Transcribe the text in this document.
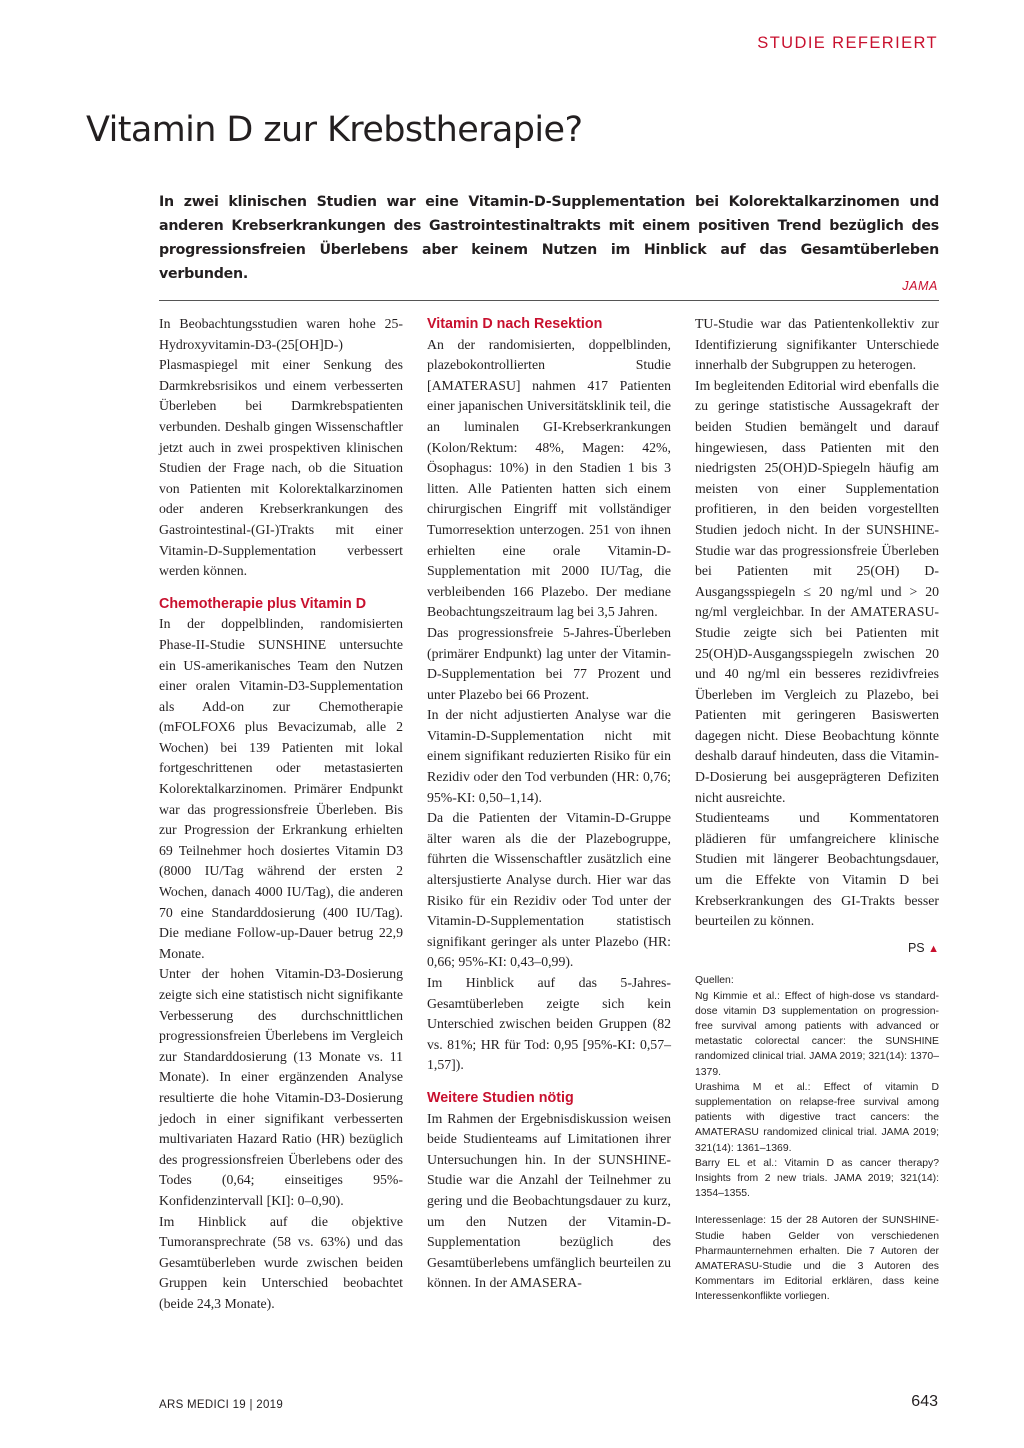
STUDIE REFERIERT
Vitamin D zur Krebstherapie?

In zwei klinischen Studien war eine Vitamin-D-Supplementation bei Kolorektalkarzinomen und anderen Krebserkrankungen des Gastrointestinaltrakts mit einem positiven Trend bezüglich des progressionsfreien Überlebens aber keinem Nutzen im Hinblick auf das Gesamtüberleben verbunden.

JAMA

In Beobachtungsstudien waren hohe 25-Hydroxyvitamin-D3-(25[OH]D-) Plasmaspiegel mit einer Senkung des Darmkrebsrisikos und einem verbesserten Überleben bei Darmkrebspatienten verbunden. Deshalb gingen Wissenschaftler jetzt auch in zwei prospektiven klinischen Studien der Frage nach, ob die Situation von Patienten mit Kolorektalkarzinomen oder anderen Krebserkrankungen des Gastrointestinal-(GI-)Trakts mit einer Vitamin-D-Supplementation verbessert werden können.

Chemotherapie plus Vitamin D

In der doppelblinden, randomisierten Phase-II-Studie SUNSHINE untersuchte ein US-amerikanisches Team den Nutzen einer oralen Vitamin-D3-Supplementation als Add-on zur Chemotherapie (mFOLFOX6 plus Bevacizumab, alle 2 Wochen) bei 139 Patienten mit lokal fortgeschrittenen oder metastasierten Kolorektalkarzinomen. Primärer Endpunkt war das progressionsfreie Überleben. Bis zur Progression der Erkrankung erhielten 69 Teilnehmer hoch dosiertes Vitamin D3 (8000 IU/Tag während der ersten 2 Wochen, danach 4000 IU/Tag), die anderen 70 eine Standarddosierung (400 IU/Tag). Die mediane Follow-up-Dauer betrug 22,9 Monate.

Unter der hohen Vitamin-D3-Dosierung zeigte sich eine statistisch nicht signifikante Verbesserung des durchschnittlichen progressionsfreien Überlebens im Vergleich zur Standarddosierung (13 Monate vs. 11 Monate). In einer ergänzenden Analyse resultierte die hohe Vitamin-D3-Dosierung jedoch in einer signifikant verbesserten multivariaten Hazard Ratio (HR) bezüglich des progressionsfreien Überlebens oder des Todes (0,64; einseitiges 95%-Konfidenzintervall [KI]: 0–0,90).

Im Hinblick auf die objektive Tumoransprechrate (58 vs. 63%) und das Gesamtüberleben wurde zwischen beiden Gruppen kein Unterschied beobachtet (beide 24,3 Monate).

Vitamin D nach Resektion

An der randomisierten, doppelblinden, plazebokontrollierten Studie [AMATERASU] nahmen 417 Patienten einer japanischen Universitätsklinik teil, die an luminalen GI-Krebserkrankungen (Kolon/Rektum: 48%, Magen: 42%, Ösophagus: 10%) in den Stadien 1 bis 3 litten. Alle Patienten hatten sich einem chirurgischen Eingriff mit vollständiger Tumorresektion unterzogen. 251 von ihnen erhielten eine orale Vitamin-D-Supplementation mit 2000 IU/Tag, die verbleibenden 166 Plazebo. Der mediane Beobachtungszeitraum lag bei 3,5 Jahren.

Das progressionsfreie 5-Jahres-Überleben (primärer Endpunkt) lag unter der Vitamin-D-Supplementation bei 77 Prozent und unter Plazebo bei 66 Prozent.

In der nicht adjustierten Analyse war die Vitamin-D-Supplementation nicht mit einem signifikant reduzierten Risiko für ein Rezidiv oder den Tod verbunden (HR: 0,76; 95%-KI: 0,50–1,14).

Da die Patienten der Vitamin-D-Gruppe älter waren als die der Plazebogruppe, führten die Wissenschaftler zusätzlich eine altersjustierte Analyse durch. Hier war das Risiko für ein Rezidiv oder Tod unter der Vitamin-D-Supplementation statistisch signifikant geringer als unter Plazebo (HR: 0,66; 95%-KI: 0,43–0,99).

Im Hinblick auf das 5-Jahres-Gesamtüberleben zeigte sich kein Unterschied zwischen beiden Gruppen (82 vs. 81%; HR für Tod: 0,95 [95%-KI: 0,57–1,57]).

Weitere Studien nötig

Im Rahmen der Ergebnisdiskussion weisen beide Studienteams auf Limitationen ihrer Untersuchungen hin. In der SUNSHINE-Studie war die Anzahl der Teilnehmer zu gering und die Beobachtungsdauer zu kurz, um den Nutzen der Vitamin-D-Supplementation bezüglich des Gesamtüberlebens umfänglich beurteilen zu können. In der AMASERA-

TU-Studie war das Patientenkollektiv zur Identifizierung signifikanter Unterschiede innerhalb der Subgruppen zu heterogen.

Im begleitenden Editorial wird ebenfalls die zu geringe statistische Aussagekraft der beiden Studien bemängelt und darauf hingewiesen, dass Patienten mit den niedrigsten 25(OH)D-Spiegeln häufig am meisten von einer Supplementation profitieren, in den beiden vorgestellten Studien jedoch nicht. In der SUNSHINE-Studie war das progressionsfreie Überleben bei Patienten mit 25(OH) D-Ausgangsspiegeln ≤ 20 ng/ml und > 20 ng/ml vergleichbar. In der AMATERASU-Studie zeigte sich bei Patienten mit 25(OH)D-Ausgangsspiegeln zwischen 20 und 40 ng/ml ein besseres rezidivfreies Überleben im Vergleich zu Plazebo, bei Patienten mit geringeren Basiswerten dagegen nicht. Diese Beobachtung könnte deshalb darauf hindeuten, dass die Vitamin-D-Dosierung bei ausgeprägteren Defiziten nicht ausreichte.

Studienteams und Kommentatoren plädieren für umfangreichere klinische Studien mit längerer Beobachtungsdauer, um die Effekte von Vitamin D bei Krebserkrankungen des GI-Trakts besser beurteilen zu können.

PS ▲

Quellen:

Ng Kimmie et al.: Effect of high-dose vs standard-dose vitamin D3 supplementation on progression-free survival among patients with advanced or metastatic colorectal cancer: the SUNSHINE randomized clinical trial. JAMA 2019; 321(14): 1370–1379.

Urashima M et al.: Effect of vitamin D supplementation on relapse-free survival among patients with digestive tract cancers: the AMATERASU randomized clinical trial. JAMA 2019; 321(14): 1361–1369.

Barry EL et al.: Vitamin D as cancer therapy? Insights from 2 new trials. JAMA 2019; 321(14): 1354–1355.

Interessenlage: 15 der 28 Autoren der SUNSHINE-Studie haben Gelder von verschiedenen Pharmaunternehmen erhalten. Die 7 Autoren der AMATERASU-Studie und die 3 Autoren des Kommentars im Editorial erklären, dass keine Interessenkonflikte vorliegen.

ARS MEDICI 19 | 2019	643
